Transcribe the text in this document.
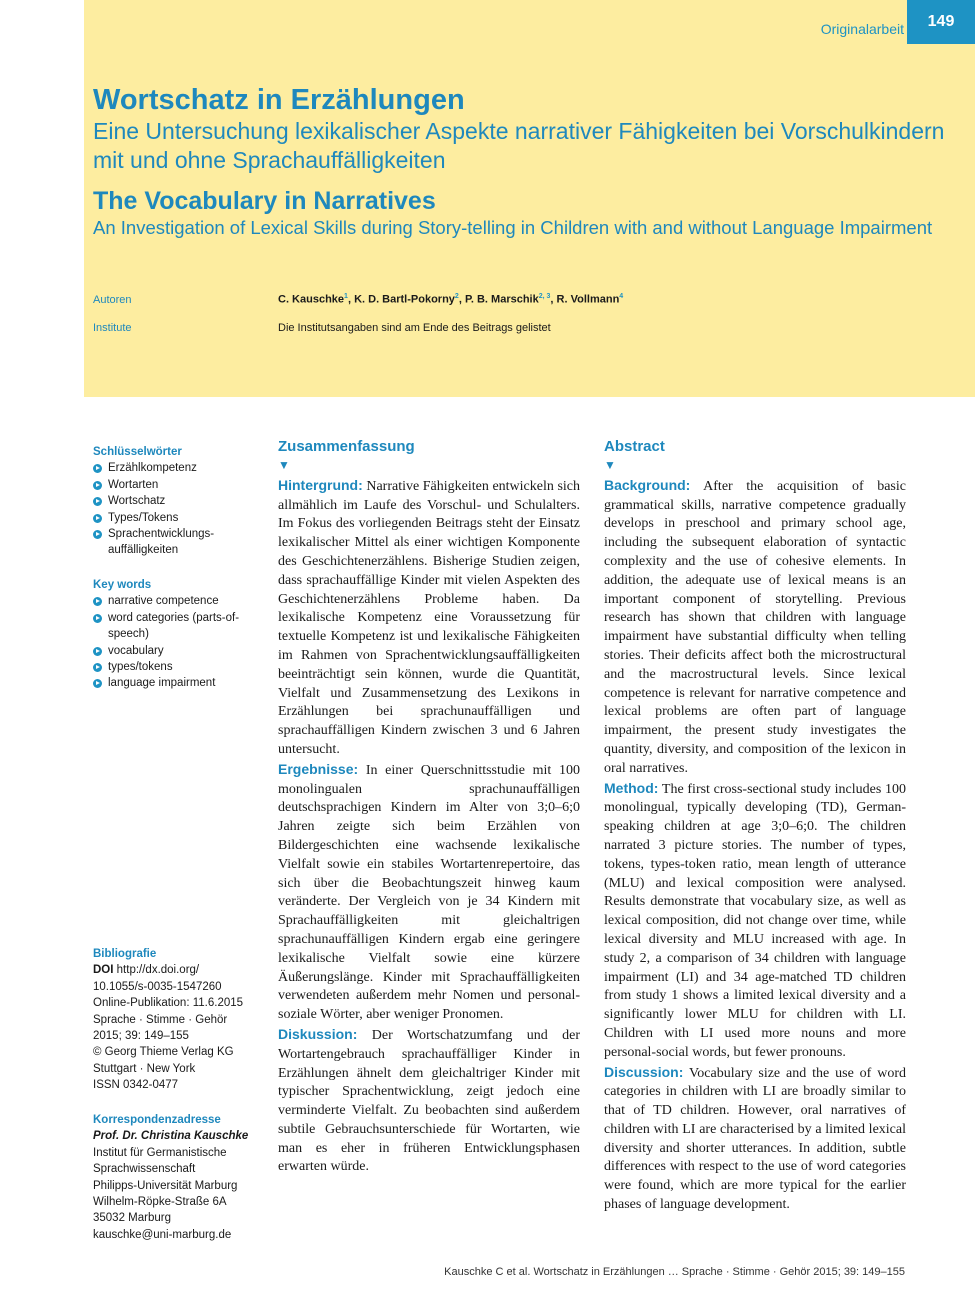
Originalarbeit	149
Wortschatz in Erzählungen
Eine Untersuchung lexikalischer Aspekte narrativer Fähigkeiten bei Vorschulkindern mit und ohne Sprachauffälligkeiten
The Vocabulary in Narratives
An Investigation of Lexical Skills during Story-telling in Children with and without Language Impairment
Autoren	C. Kauschke$^1$, K. D. Bartl-Pokorny$^2$, P. B. Marschik$^{2, 3}$, R. Vollmann$^4$
Institute	Die Institutsangaben sind am Ende des Beitrags gelistet
Schlüsselwörter
Erzählkompetenz
Wortarten
Wortschatz
Types/Tokens
Sprachentwicklungs-
auffälligkeiten
Key words
narrative competence
word categories (parts-of-
speech)
vocabulary
types/tokens
language impairment
Bibliografie
DOI http://dx.doi.org/
10.1055/s-0035-1547260
Online-Publikation: 11.6.2015
Sprache · Stimme · Gehör
2015; 39: 149–155
© Georg Thieme Verlag KG
Stuttgart · New York
ISSN 0342-0477
Korrespondenzadresse
Prof. Dr. Christina Kauschke
Institut für Germanistische
Sprachwissenschaft
Philipps-Universität Marburg
Wilhelm-Röpke-Straße 6A
35032 Marburg
kauschke@uni-marburg.de
Zusammenfassung
▼

Hintergrund: Narrative Fähigkeiten entwickeln sich allmählich im Laufe des Vorschul- und Schulalters. Im Fokus des vorliegenden Beitrags steht der Einsatz lexikalischer Mittel als einer wichtigen Komponente des Geschichtenerzählens. Bisherige Studien zeigen, dass sprachauffällige Kinder mit vielen Aspekten des Geschichtenerzählens Probleme haben. Da lexikalische Kompetenz eine Voraussetzung für textuelle Kompetenz ist und lexikalische Fähigkeiten im Rahmen von Sprachentwicklungsauffälligkeiten beeinträchtigt sein können, wurde die Quantität, Vielfalt und Zusammensetzung des Lexikons in Erzählungen bei sprachunauffälligen und sprachauffälligen Kindern zwischen 3 und 6 Jahren untersucht.

Ergebnisse: In einer Querschnittsstudie mit 100 monolingualen sprachunauffälligen deutschsprachigen Kindern im Alter von 3;0–6;0 Jahren zeigte sich beim Erzählen von Bildergeschichten eine wachsende lexikalische Vielfalt sowie ein stabiles Wortartenrepertoire, das sich über die Beobachtungszeit hinweg kaum veränderte. Der Vergleich von je 34 Kindern mit Sprachauffälligkeiten mit gleichaltrigen sprachunauffälligen Kindern ergab eine geringere lexikalische Vielfalt sowie eine kürzere Äußerungslänge. Kinder mit Sprachauffälligkeiten verwendeten außerdem mehr Nomen und personal-soziale Wörter, aber weniger Pronomen.

Diskussion: Der Wortschatzumfang und der Wortartengebrauch sprachauffälliger Kinder in Erzählungen ähnelt dem gleichaltriger Kinder mit typischer Sprachentwicklung, zeigt jedoch eine verminderte Vielfalt. Zu beobachten sind außerdem subtile Gebrauchsunterschiede für Wortarten, wie man es eher in früheren Entwicklungsphasen erwarten würde.

Abstract
▼

Background: After the acquisition of basic grammatical skills, narrative competence gradually develops in preschool and primary school age, including the subsequent elaboration of syntactic complexity and the use of cohesive elements. In addition, the adequate use of lexical means is an important component of storytelling. Previous research has shown that children with language impairment have substantial difficulty when telling stories. Their deficits affect both the microstructural and the macrostructural levels. Since lexical competence is relevant for narrative competence and lexical problems are often part of language impairment, the present study investigates the quantity, diversity, and composition of the lexicon in oral narratives.

Method: The first cross-sectional study includes 100 monolingual, typically developing (TD), German-speaking children at age 3;0–6;0. The children narrated 3 picture stories. The number of types, tokens, types-token ratio, mean length of utterance (MLU) and lexical composition were analysed. Results demonstrate that vocabulary size, as well as lexical composition, did not change over time, while lexical diversity and MLU increased with age. In study 2, a comparison of 34 children with language impairment (LI) and 34 age-matched TD children from study 1 shows a limited lexical diversity and a significantly lower MLU for children with LI. Children with LI used more nouns and more personal-social words, but fewer pronouns.

Discussion: Vocabulary size and the use of word categories in children with LI are broadly similar to that of TD children. However, oral narratives of children with LI are characterised by a limited lexical diversity and shorter utterances. In addition, subtle differences with respect to the use of word categories were found, which are more typical for the earlier phases of language development.

Kauschke C et al. Wortschatz in Erzählungen … Sprache · Stimme · Gehör 2015; 39: 149–155
